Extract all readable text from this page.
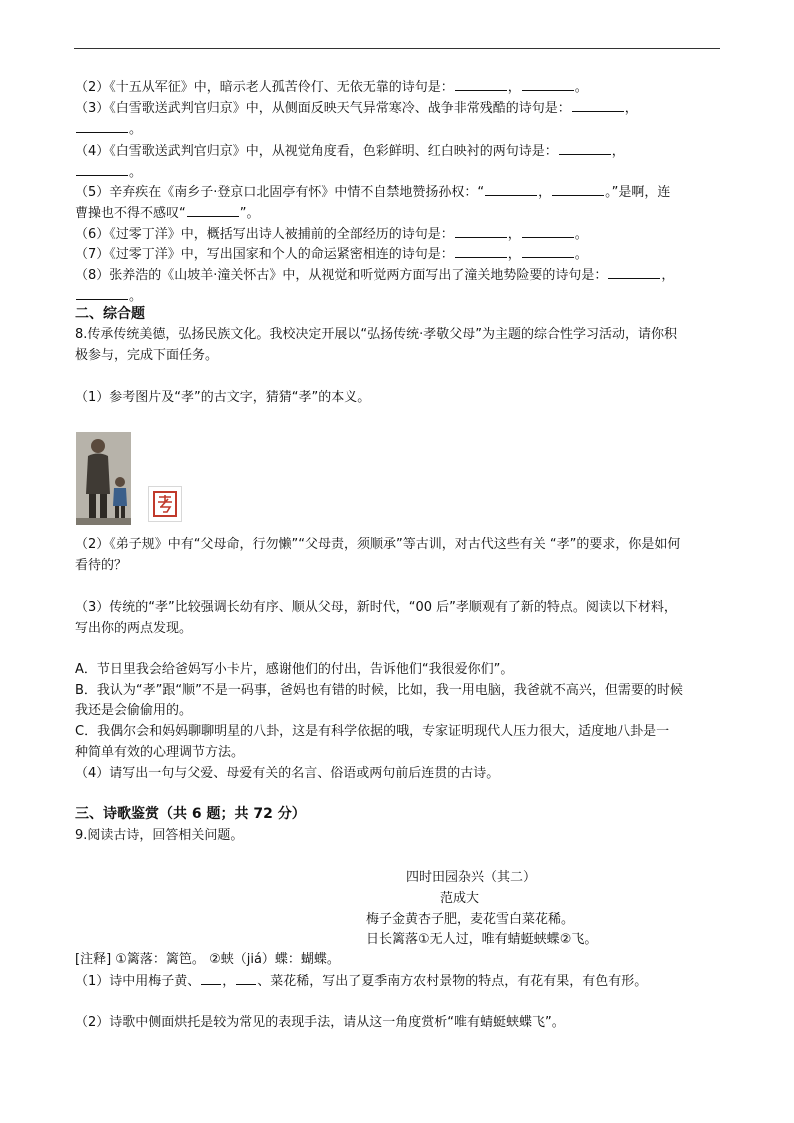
（2）《十五从军征》中，暗示老人孤苦伶仃、无依无靠的诗句是：	，	。
（3）《白雪歌送武判官归京》中，从侧面反映天气异常寒冷、战争非常残酷的诗句是：	，
。
（4）《白雪歌送武判官归京》中，从视觉角度看，色彩鲜明、红白映衬的两句诗是：	，
。
（5）辛弃疾在《南乡子·登京口北固亭有怀》中情不自禁地赞扬孙权：“	，	。”是啊，连
曹操也不得不感叹“	”。
（6）《过零丁洋》中，概括写出诗人被捕前的全部经历的诗句是：	，	。
（7）《过零丁洋》中，写出国家和个人的命运紧密相连的诗句是：	，	。
（8）张养浩的《山坡羊·潼关怀古》中，从视觉和听觉两方面写出了潼关地势险要的诗句是：	，
。
二、综合题
8.传承传统美德，弘扬民族文化。我校决定开展以“弘扬传统·孝敬父母”为主题的综合性学习活动，请你积
极参与，完成下面任务。
（1）参考图片及“孝”的古文字，猜猜“孝”的本义。
（2）《弟子规》中有“父母命，行勿懒”“父母责，须顺承”等古训，对古代这些有关 “孝”的要求，你是如何
看待的？
（3）传统的“孝”比较强调长幼有序、顺从父母，新时代，“00 后”孝顺观有了新的特点。阅读以下材料，
写出你的两点发现。
A．节日里我会给爸妈写小卡片，感谢他们的付出，告诉他们“我很爱你们”。
B．我认为“孝”跟“顺”不是一码事，爸妈也有错的时候，比如，我一用电脑，我爸就不高兴，但需要的时候
我还是会偷偷用的。
C．我偶尔会和妈妈聊聊明星的八卦，这是有科学依据的哦，专家证明现代人压力很大，适度地八卦是一
种简单有效的心理调节方法。
（4）请写出一句与父爱、母爱有关的名言、俗语或两句前后连贯的古诗。
三、诗歌鉴赏（共 6 题；共 72 分）
9.阅读古诗，回答相关问题。
四时田园杂兴（其二）
范成大
梅子金黄杏子肥，麦花雪白菜花稀。
日长篱落①无人过，唯有蜻蜓蛱蝶②飞。
[注释] ①篱落：篱笆。 ②蛱（jiá）蝶：蝴蝶。
（1）诗中用梅子黄、 ， 、菜花稀，写出了夏季南方农村景物的特点，有花有果，有色有形。
（2）诗歌中侧面烘托是较为常见的表现手法，请从这一角度赏析“唯有蜻蜓蛱蝶飞”。
